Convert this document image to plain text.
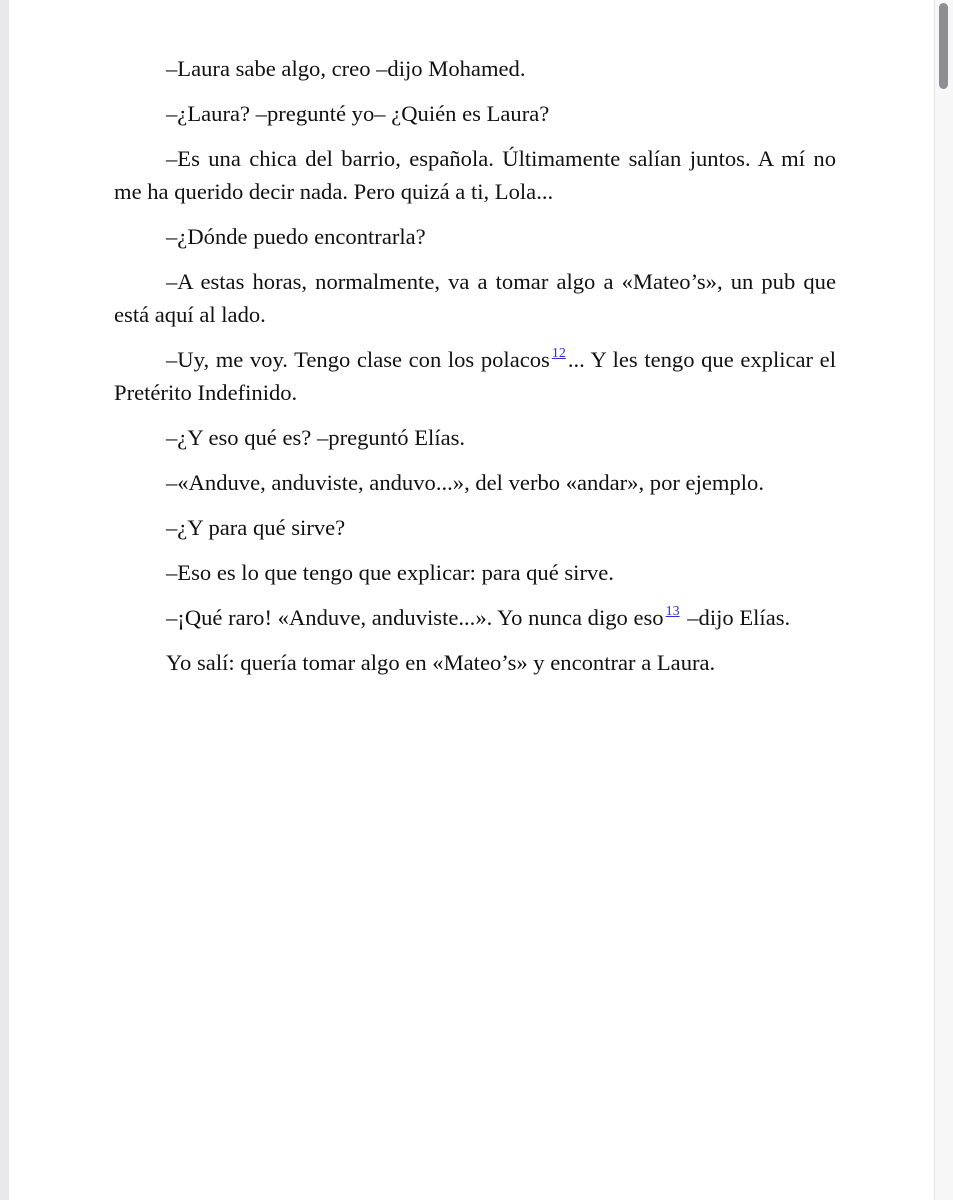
–Laura sabe algo, creo –dijo Mohamed.

–¿Laura? –pregunté yo– ¿Quién es Laura?

–Es una chica del barrio, española. Últimamente salían juntos. A mí no me ha querido decir nada. Pero quizá a ti, Lola...

–¿Dónde puedo encontrarla?

–A estas horas, normalmente, va a tomar algo a «Mateo’s», un pub que está aquí al lado.

–Uy, me voy. Tengo clase con los polacos $^{12}$... Y les tengo que explicar el Pretérito Indefinido.

–¿Y eso qué es? –preguntó Elías.

–«Anduve, anduviste, anduvo...», del verbo «andar», por ejemplo.

–¿Y para qué sirve?

–Eso es lo que tengo que explicar: para qué sirve.

–¡Qué raro! «Anduve, anduviste...». Yo nunca digo eso $^{13}$ –dijo Elías.

Yo salí: quería tomar algo en «Mateo’s» y encontrar a Laura.
